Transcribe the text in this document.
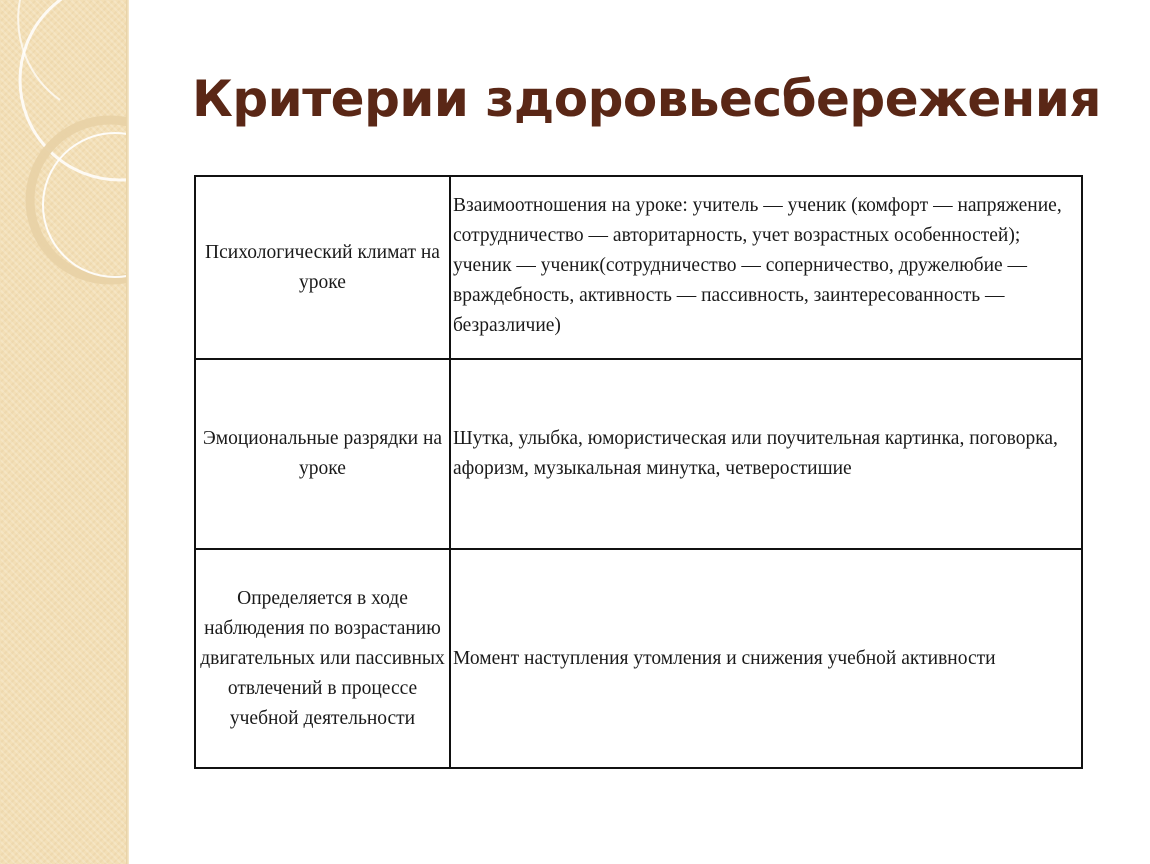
Критерии здоровьесбережения
Психологический климат на уроке	Взаимоотношения на уроке: учитель — ученик (комфорт — напряжение, сотрудничество — авторитарность, учет возрастных особенностей); ученик — ученик(сотрудничество — соперничество, дружелюбие — враждебность, активность — пассивность, заинтересованность — безразличие)
Эмоциональные разрядки на уроке	Шутка, улыбка, юмористическая или поучительная картинка, поговорка, афоризм, музыкальная минутка, четверостишие
Определяется в ходе наблюдения по возрастанию двигательных или пассивных отвлечений в процессе учебной деятельности	Момент наступления утомления и снижения учебной активности
